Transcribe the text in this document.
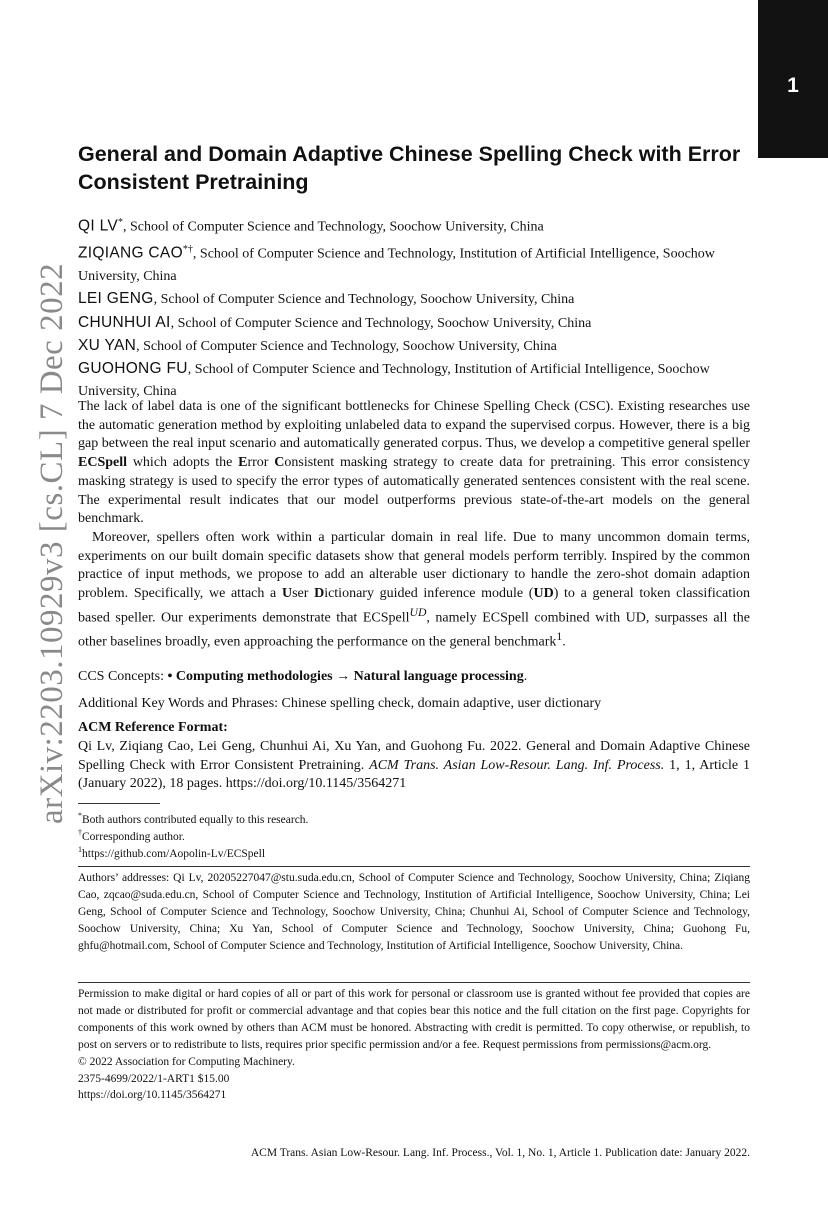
1
arXiv:2203.10929v3 [cs.CL] 7 Dec 2022
General and Domain Adaptive Chinese Spelling Check with Error Consistent Pretraining
QI LV*, School of Computer Science and Technology, Soochow University, China
ZIQIANG CAO*†, School of Computer Science and Technology, Institution of Artificial Intelligence, Soochow University, China
LEI GENG, School of Computer Science and Technology, Soochow University, China
CHUNHUI AI, School of Computer Science and Technology, Soochow University, China
XU YAN, School of Computer Science and Technology, Soochow University, China
GUOHONG FU, School of Computer Science and Technology, Institution of Artificial Intelligence, Soochow University, China

The lack of label data is one of the significant bottlenecks for Chinese Spelling Check (CSC). Existing researches use the automatic generation method by exploiting unlabeled data to expand the supervised corpus. However, there is a big gap between the real input scenario and automatically generated corpus. Thus, we develop a competitive general speller ECSpell which adopts the Error Consistent masking strategy to create data for pretraining. This error consistency masking strategy is used to specify the error types of automatically generated sentences consistent with the real scene. The experimental result indicates that our model outperforms previous state-of-the-art models on the general benchmark.

Moreover, spellers often work within a particular domain in real life. Due to many uncommon domain terms, experiments on our built domain specific datasets show that general models perform terribly. Inspired by the common practice of input methods, we propose to add an alterable user dictionary to handle the zero-shot domain adaption problem. Specifically, we attach a User Dictionary guided inference module (UD) to a general token classification based speller. Our experiments demonstrate that ECSpell$^{UD}$, namely ECSpell combined with UD, surpasses all the other baselines broadly, even approaching the performance on the general benchmark$^1$.

CCS Concepts: • Computing methodologies → Natural language processing.
Additional Key Words and Phrases: Chinese spelling check, domain adaptive, user dictionary
ACM Reference Format:
Qi Lv, Ziqiang Cao, Lei Geng, Chunhui Ai, Xu Yan, and Guohong Fu. 2022. General and Domain Adaptive Chinese Spelling Check with Error Consistent Pretraining. ACM Trans. Asian Low-Resour. Lang. Inf. Process. 1, 1, Article 1 (January 2022), 18 pages. https://doi.org/10.1145/3564271
*Both authors contributed equally to this research.
†Corresponding author.
$^1$https://github.com/Aopolin-Lv/ECSpell
Authors’ addresses: Qi Lv, 20205227047@stu.suda.edu.cn, School of Computer Science and Technology, Soochow University, China; Ziqiang Cao, zqcao@suda.edu.cn, School of Computer Science and Technology, Institution of Artificial Intelligence, Soochow University, China; Lei Geng, School of Computer Science and Technology, Soochow University, China; Chunhui Ai, School of Computer Science and Technology, Soochow University, China; Xu Yan, School of Computer Science and Technology, Soochow University, China; Guohong Fu, ghfu@hotmail.com, School of Computer Science and Technology, Institution of Artificial Intelligence, Soochow University, China.
Permission to make digital or hard copies of all or part of this work for personal or classroom use is granted without fee provided that copies are not made or distributed for profit or commercial advantage and that copies bear this notice and the full citation on the first page. Copyrights for components of this work owned by others than ACM must be honored. Abstracting with credit is permitted. To copy otherwise, or republish, to post on servers or to redistribute to lists, requires prior specific permission and/or a fee. Request permissions from permissions@acm.org.
© 2022 Association for Computing Machinery.
2375-4699/2022/1-ART1 $15.00
https://doi.org/10.1145/3564271
ACM Trans. Asian Low-Resour. Lang. Inf. Process., Vol. 1, No. 1, Article 1. Publication date: January 2022.
